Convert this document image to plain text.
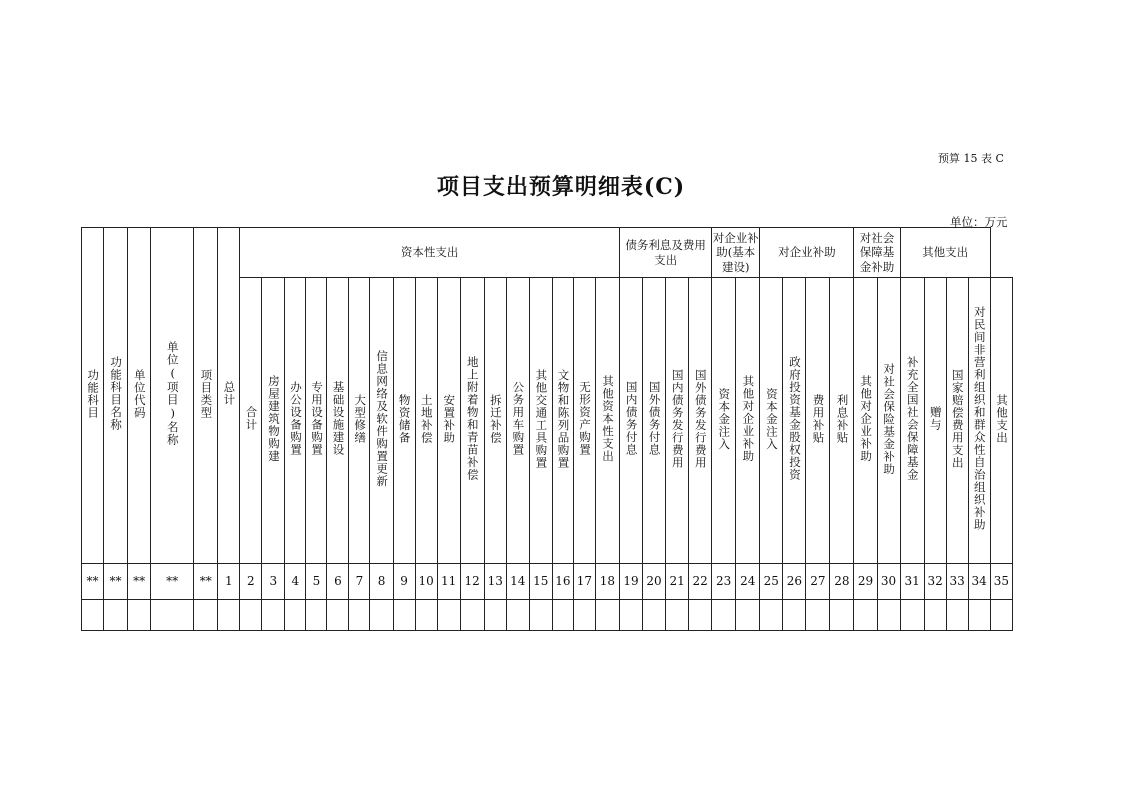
预算 15 表 C
项目支出预算明细表(C)
单位：万元
功能科目	功能科目名称	单位代码	单位(项目)名称	项目类型	总计	资本性支出																	债务利息及费用支出				对企业补助(基本建设)		对企业补助				对社会保障基金补助		其他支出				
						合计	房屋建筑物购建	办公设备购置	专用设备购置	基础设施建设	大型修缮	信息网络及软件购置更新	物资储备	土地补偿	安置补助	地上附着物和青苗补偿	拆迁补偿	公务用车购置	其他交通工具购置	文物和陈列品购置	无形资产购置	其他资本性支出	国内债务付息	国外债务付息	国内债务发行费用	国外债务发行费用	资本金注入	其他对企业补助	资本金注入	政府投资基金股权投资	费用补贴	利息补贴	其他对企业补助	对社会保险基金补助	补充全国社会保障基金	赠与	国家赔偿费用支出	对民间非营利组织和群众性自治组织补助	其他支出
**	**	**	**	**	1	2	3	4	5	6	7	8	9	10	11	12	13	14	15	16	17	18	19	20	21	22	23	24	25	26	27	28	29	30	31	32	33	34	35
